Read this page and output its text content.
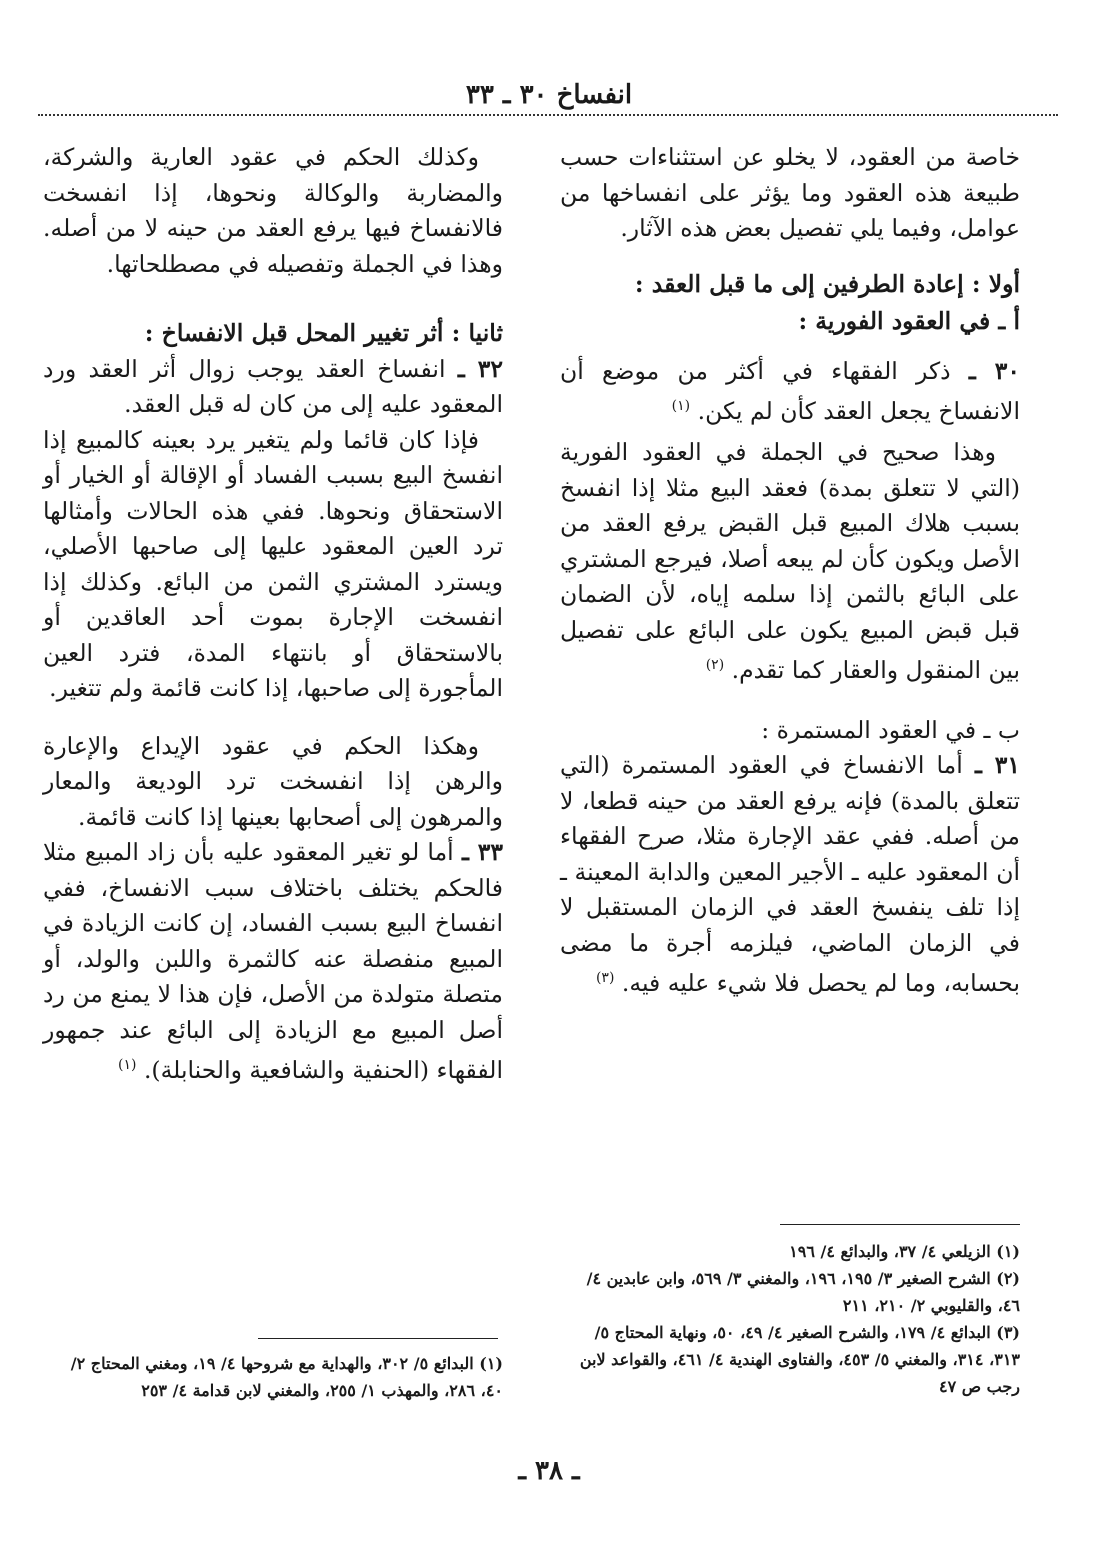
انفساخ ٣٠ ـ ٣٣

خاصة من العقود، لا يخلو عن استثناءات حسب طبيعة هذه العقود وما يؤثر على انفساخها من عوامل، وفيما يلي تفصيل بعض هذه الآثار.

أولا : إعادة الطرفين إلى ما قبل العقد :

أ ـ في العقود الفورية :

٣٠ ـ ذكر الفقهاء في أكثر من موضع أن الانفساخ يجعل العقد كأن لم يكن. $^{(١)}$

وهذا صحيح في الجملة في العقود الفورية (التي لا تتعلق بمدة) فعقد البيع مثلا إذا انفسخ بسبب هلاك المبيع قبل القبض يرفع العقد من الأصل ويكون كأن لم يبعه أصلا، فيرجع المشتري على البائع بالثمن إذا سلمه إياه، لأن الضمان قبل قبض المبيع يكون على البائع على تفصيل بين المنقول والعقار كما تقدم. $^{(٢)}$

ب ـ في العقود المستمرة :

٣١ ـ أما الانفساخ في العقود المستمرة (التي تتعلق بالمدة) فإنه يرفع العقد من حينه قطعا، لا من أصله. ففي عقد الإجارة مثلا، صرح الفقهاء أن المعقود عليه ـ الأجير المعين والدابة المعينة ـ إذا تلف ينفسخ العقد في الزمان المستقبل لا في الزمان الماضي، فيلزمه أجرة ما مضى بحسابه، وما لم يحصل فلا شيء عليه فيه. $^{(٣)}$

(١) الزيلعي ٤/ ٣٧، والبدائع ٤/ ١٩٦

(٢) الشرح الصغير ٣/ ١٩٥، ١٩٦، والمغني ٣/ ٥٦٩، وابن عابدين ٤/ ٤٦، والقليوبي ٢/ ٢١٠، ٢١١

(٣) البدائع ٤/ ١٧٩، والشرح الصغير ٤/ ٤٩، ٥٠، ونهاية المحتاج ٥/ ٣١٣، ٣١٤، والمغني ٥/ ٤٥٣، والفتاوى الهندية ٤/ ٤٦١، والقواعد لابن رجب ص ٤٧

وكذلك الحكم في عقود العارية والشركة، والمضاربة والوكالة ونحوها، إذا انفسخت فالانفساخ فيها يرفع العقد من حينه لا من أصله. وهذا في الجملة وتفصيله في مصطلحاتها.

ثانيا : أثر تغيير المحل قبل الانفساخ :

٣٢ ـ انفساخ العقد يوجب زوال أثر العقد ورد المعقود عليه إلى من كان له قبل العقد.

فإذا كان قائما ولم يتغير يرد بعينه كالمبيع إذا انفسخ البيع بسبب الفساد أو الإقالة أو الخيار أو الاستحقاق ونحوها. ففي هذه الحالات وأمثالها ترد العين المعقود عليها إلى صاحبها الأصلي، ويسترد المشتري الثمن من البائع. وكذلك إذا انفسخت الإجارة بموت أحد العاقدين أو بالاستحقاق أو بانتهاء المدة، فترد العين المأجورة إلى صاحبها، إذا كانت قائمة ولم تتغير.

وهكذا الحكم في عقود الإيداع والإعارة والرهن إذا انفسخت ترد الوديعة والمعار والمرهون إلى أصحابها بعينها إذا كانت قائمة.

٣٣ ـ أما لو تغير المعقود عليه بأن زاد المبيع مثلا فالحكم يختلف باختلاف سبب الانفساخ، ففي انفساخ البيع بسبب الفساد، إن كانت الزيادة في المبيع منفصلة عنه كالثمرة واللبن والولد، أو متصلة متولدة من الأصل، فإن هذا لا يمنع من رد أصل المبيع مع الزيادة إلى البائع عند جمهور الفقهاء (الحنفية والشافعية والحنابلة). $^{(١)}$

(١) البدائع ٥/ ٣٠٢، والهداية مع شروحها ٤/ ١٩، ومغني المحتاج ٢/ ٤٠، ٢٨٦، والمهذب ١/ ٢٥٥، والمغني لابن قدامة ٤/ ٢٥٣

ـ ٣٨ ـ
